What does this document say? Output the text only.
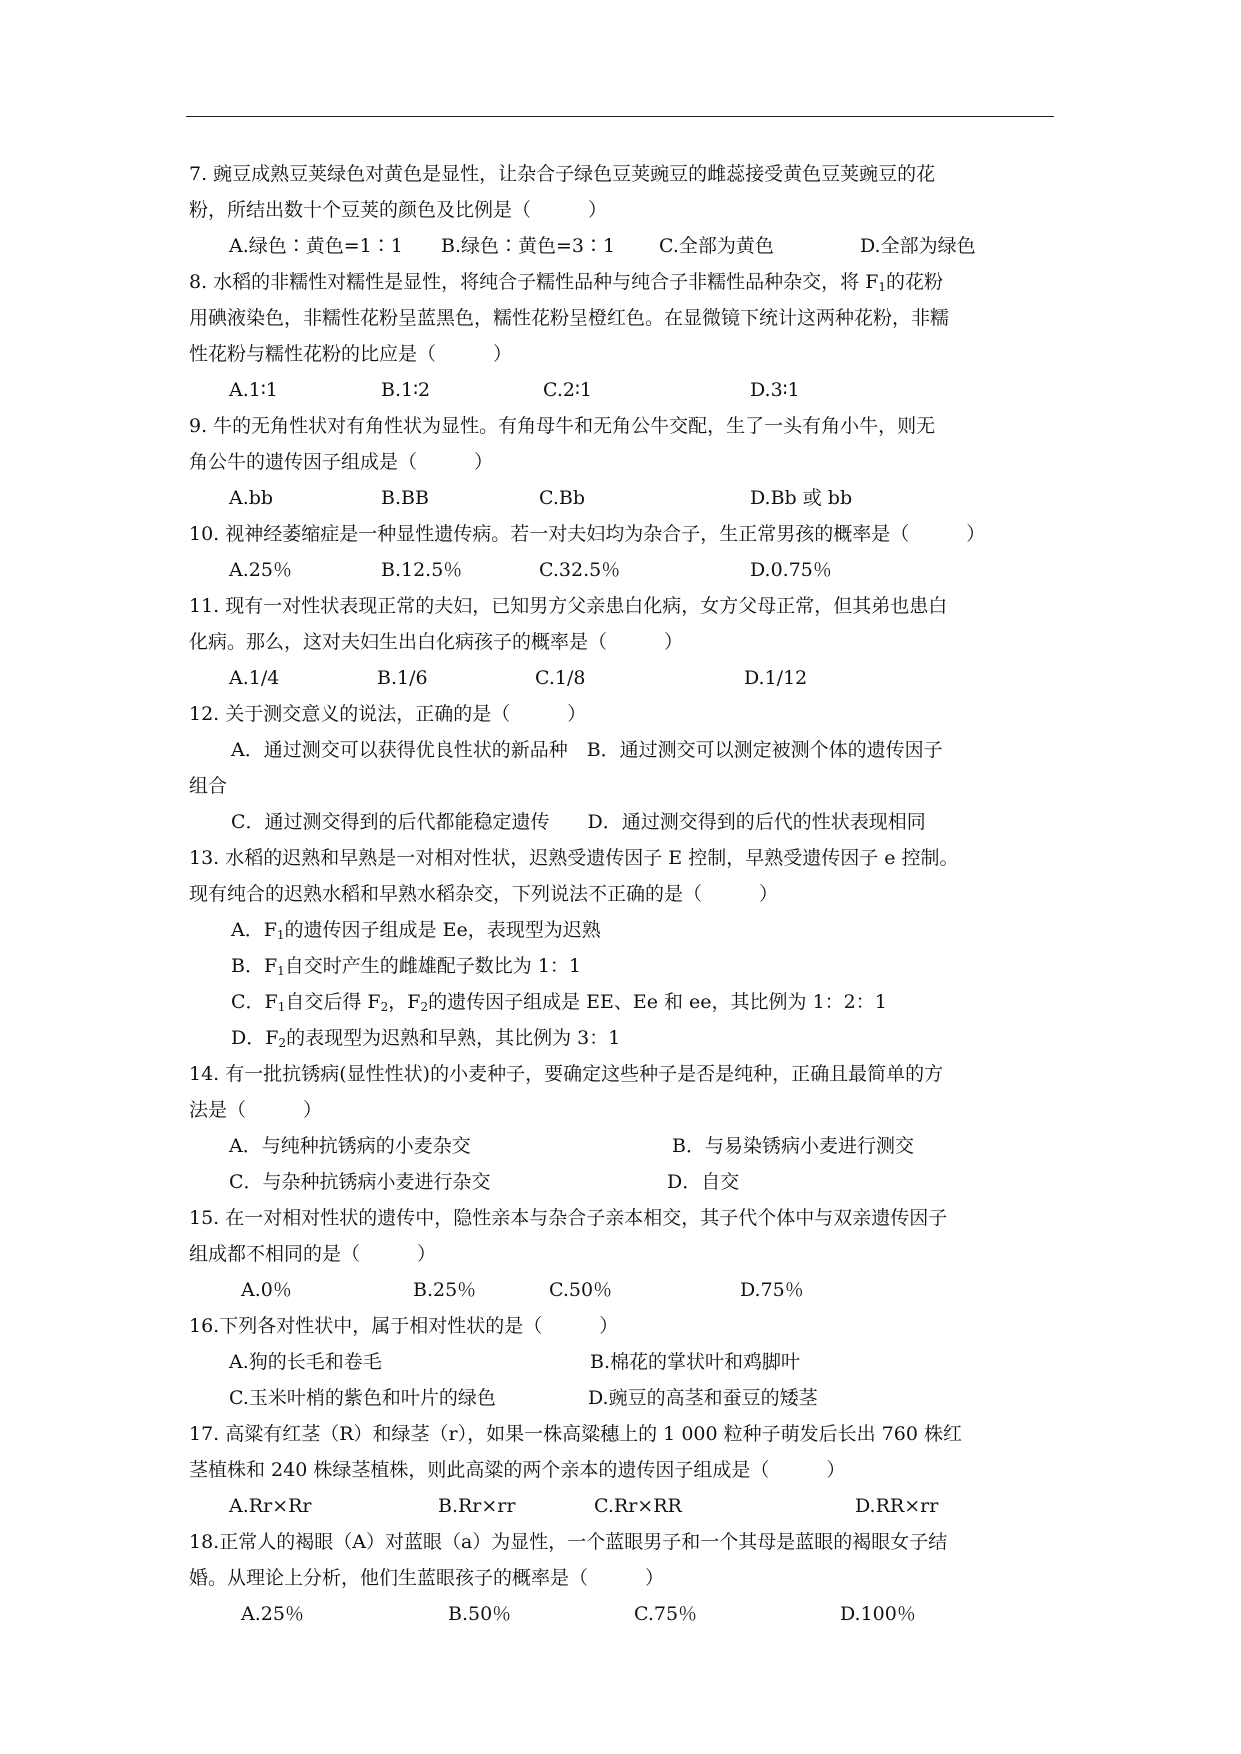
7. 豌豆成熟豆荚绿色对黄色是显性，让杂合子绿色豆荚豌豆的雌蕊接受黄色豆荚豌豆的花
粉，所结出数十个豆荚的颜色及比例是（　　　）
A.绿色∶黄色=1∶1 B.绿色∶黄色=3∶1 C.全部为黄色	D.全部为绿色
8. 水稻的非糯性对糯性是显性，将纯合子糯性品种与纯合子非糯性品种杂交，将 $F_1$的花粉
用碘液染色，非糯性花粉呈蓝黑色，糯性花粉呈橙红色。在显微镜下统计这两种花粉，非糯
性花粉与糯性花粉的比应是（　　　）
A.1∶1	B.1∶2	C.2∶1	D.3∶1
9. 牛的无角性状对有角性状为显性。有角母牛和无角公牛交配，生了一头有角小牛，则无
角公牛的遗传因子组成是（　　　）
A.bb	B.BB	C.Bb	D.Bb 或 bb
10. 视神经萎缩症是一种显性遗传病。若一对夫妇均为杂合子，生正常男孩的概率是（　　　）
A.25％	B.12.5％	C.32.5％	D.0.75％
11. 现有一对性状表现正常的夫妇，已知男方父亲患白化病，女方父母正常，但其弟也患白
化病。那么，这对夫妇生出白化病孩子的概率是（　　　）
A.1/4	B.1/6	C.1/8	D.1/12
12. 关于测交意义的说法，正确的是（　　　）
A．通过测交可以获得优良性状的新品种　B．通过测交可以测定被测个体的遗传因子
组合
C．通过测交得到的后代都能稳定遗传　　D．通过测交得到的后代的性状表现相同
13. 水稻的迟熟和早熟是一对相对性状，迟熟受遗传因子 E 控制，早熟受遗传因子 e 控制。
现有纯合的迟熟水稻和早熟水稻杂交，下列说法不正确的是（　　　）
A．$F_1$的遗传因子组成是 Ee，表现型为迟熟
B．$F_1$自交时产生的雌雄配子数比为 1：1
C．$F_1$自交后得 $F_2$，$F_2$的遗传因子组成是 EE、Ee 和 ee，其比例为 1：2：1
D．$F_2$的表现型为迟熟和早熟，其比例为 3：1
14. 有一批抗锈病(显性性状)的小麦种子，要确定这些种子是否是纯种，正确且最简单的方
法是（　　　）
A．与纯种抗锈病的小麦杂交	B．与易染锈病小麦进行测交
C．与杂种抗锈病小麦进行杂交	D．自交
15. 在一对相对性状的遗传中，隐性亲本与杂合子亲本相交，其子代个体中与双亲遗传因子
组成都不相同的是（　　　）
A.0％	B.25％	C.50％	D.75％
16.下列各对性状中，属于相对性状的是（　　　）
A.狗的长毛和卷毛	B.棉花的掌状叶和鸡脚叶
C.玉米叶梢的紫色和叶片的绿色	D.豌豆的高茎和蚕豆的矮茎
17. 高粱有红茎（R）和绿茎（r），如果一株高粱穗上的 1 000 粒种子萌发后长出 760 株红
茎植株和 240 株绿茎植株，则此高粱的两个亲本的遗传因子组成是（　　　）
A.Rr×Rr	B.Rr×rr	C.Rr×RR	D.RR×rr
18.正常人的褐眼（A）对蓝眼（a）为显性，一个蓝眼男子和一个其母是蓝眼的褐眼女子结
婚。从理论上分析，他们生蓝眼孩子的概率是（　　　）
A.25％	B.50％	C.75％	D.100％
